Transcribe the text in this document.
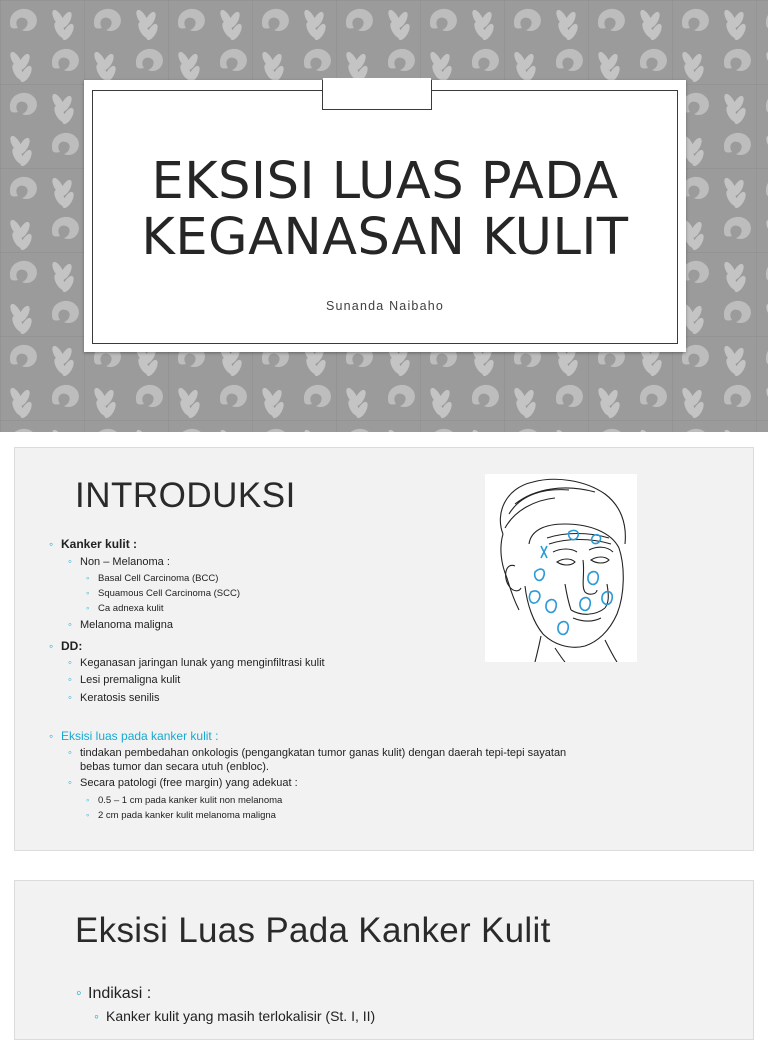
EKSISI LUAS PADA
KEGANASAN KULIT
Sunanda Naibaho
INTRODUKSI
◦ Kanker kulit :
◦ Non – Melanoma :
◦ Basal Cell Carcinoma (BCC)
◦ Squamous Cell Carcinoma (SCC)
◦ Ca adnexa kulit
◦ Melanoma maligna
◦ DD:
◦ Keganasan jaringan lunak yang menginfiltrasi kulit
◦ Lesi premaligna kulit
◦ Keratosis senilis
◦ Eksisi luas pada kanker kulit :
◦ tindakan pembedahan onkologis (pengangkatan tumor ganas kulit) dengan daerah tepi-tepi sayatan
bebas tumor dan secara utuh (enbloc).
◦ Secara patologi (free margin) yang adekuat :
◦ 0.5 – 1 cm pada kanker kulit non melanoma
◦ 2 cm pada kanker kulit melanoma maligna
Eksisi Luas Pada Kanker Kulit
◦ Indikasi :
◦ Kanker kulit yang masih terlokalisir (St. I, II)
